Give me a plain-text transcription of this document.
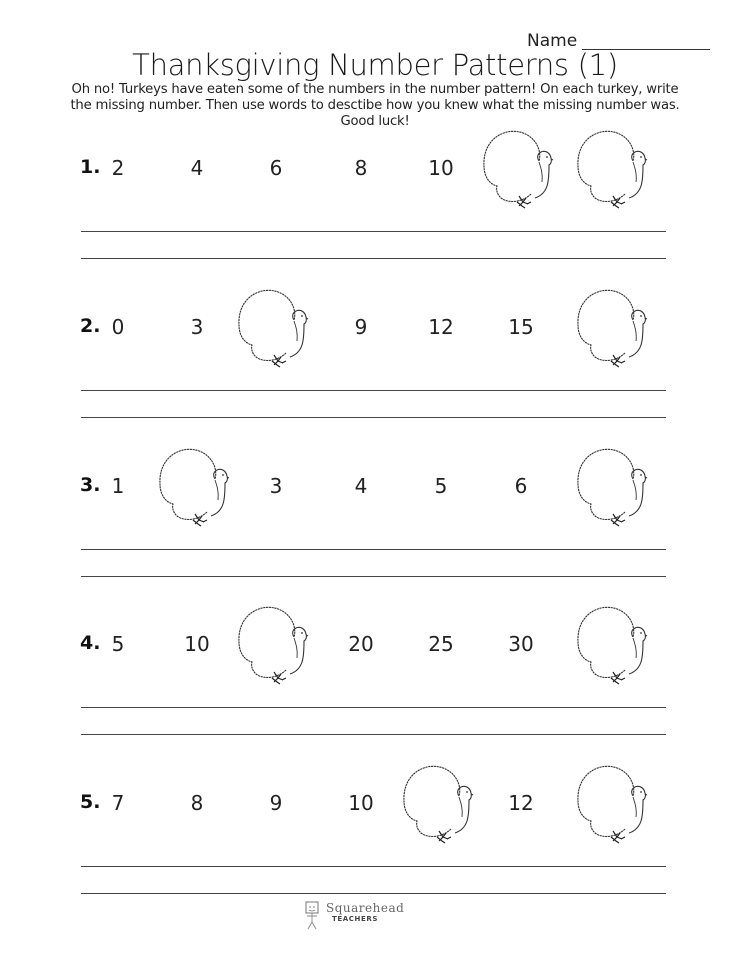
Name
Thanksgiving Number Patterns (1)
Oh no! Turkeys have eaten some of the numbers in the number pattern! On each turkey, write the missing number. Then use words to desctibe how you knew what the missing number was. Good luck!
1. 2	4	6	8	10
2. 0	3	9	12	15
3. 1	3	4	5	6
4. 5	10	20	25	30
5. 7	8	9	10	12
Squarehead
TEACHERS
